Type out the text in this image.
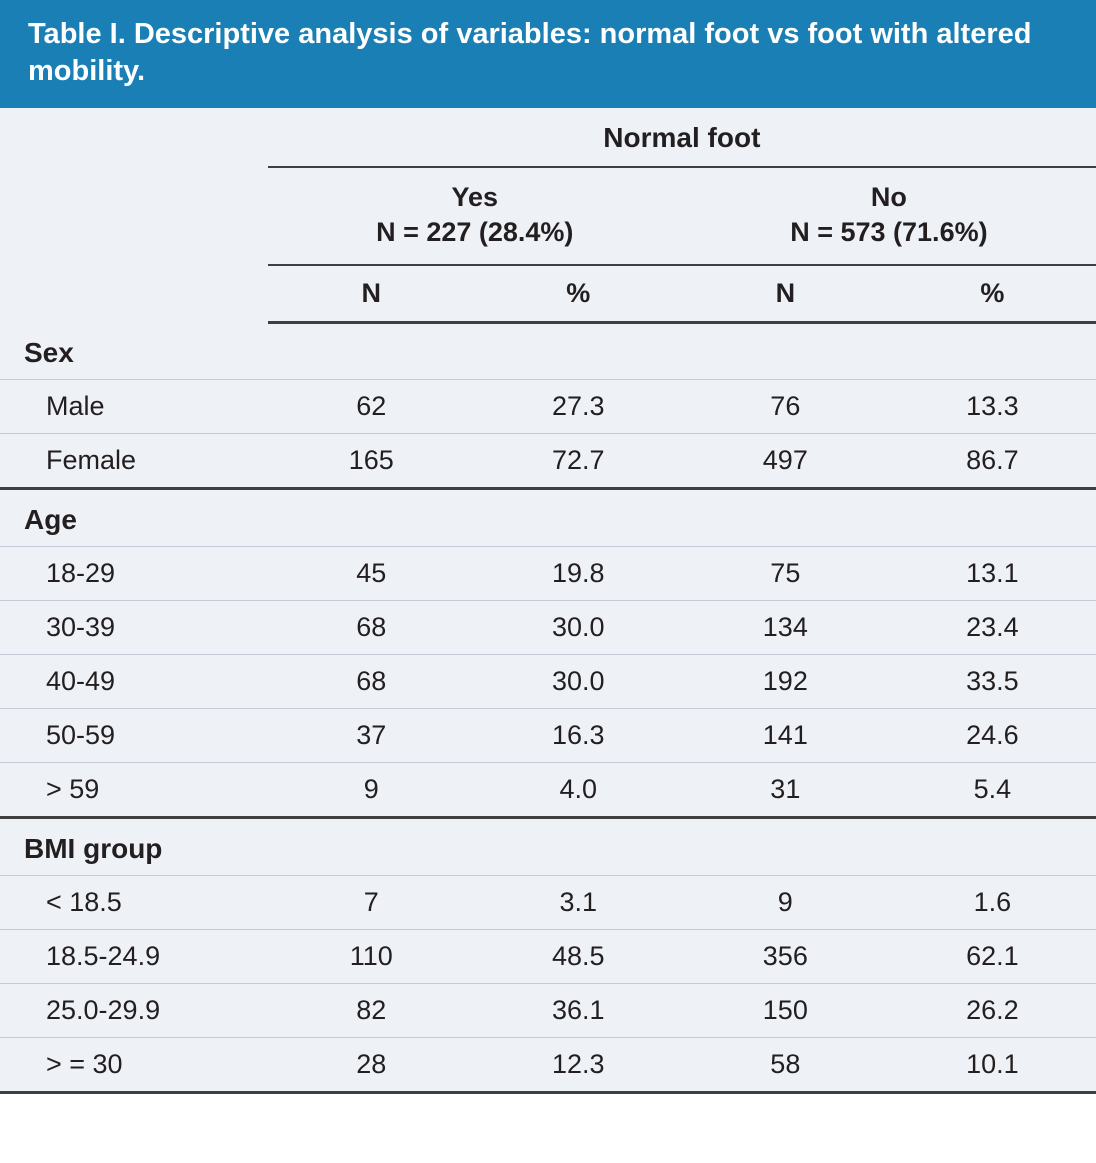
Table I. Descriptive analysis of variables: normal foot vs foot with altered mobility.
	Normal foot			

Yes
N = 227 (28.4%)

No
N = 573 (71.6%)

	N	%	N	%
Sex				
Male	62	27.3	76	13.3
Female	165	72.7	497	86.7
Age				
18-29	45	19.8	75	13.1
30-39	68	30.0	134	23.4
40-49	68	30.0	192	33.5
50-59	37	16.3	141	24.6
> 59	9	4.0	31	5.4
BMI group				
< 18.5	7	3.1	9	1.6
18.5-24.9	110	48.5	356	62.1
25.0-29.9	82	36.1	150	26.2
> = 30	28	12.3	58	10.1
